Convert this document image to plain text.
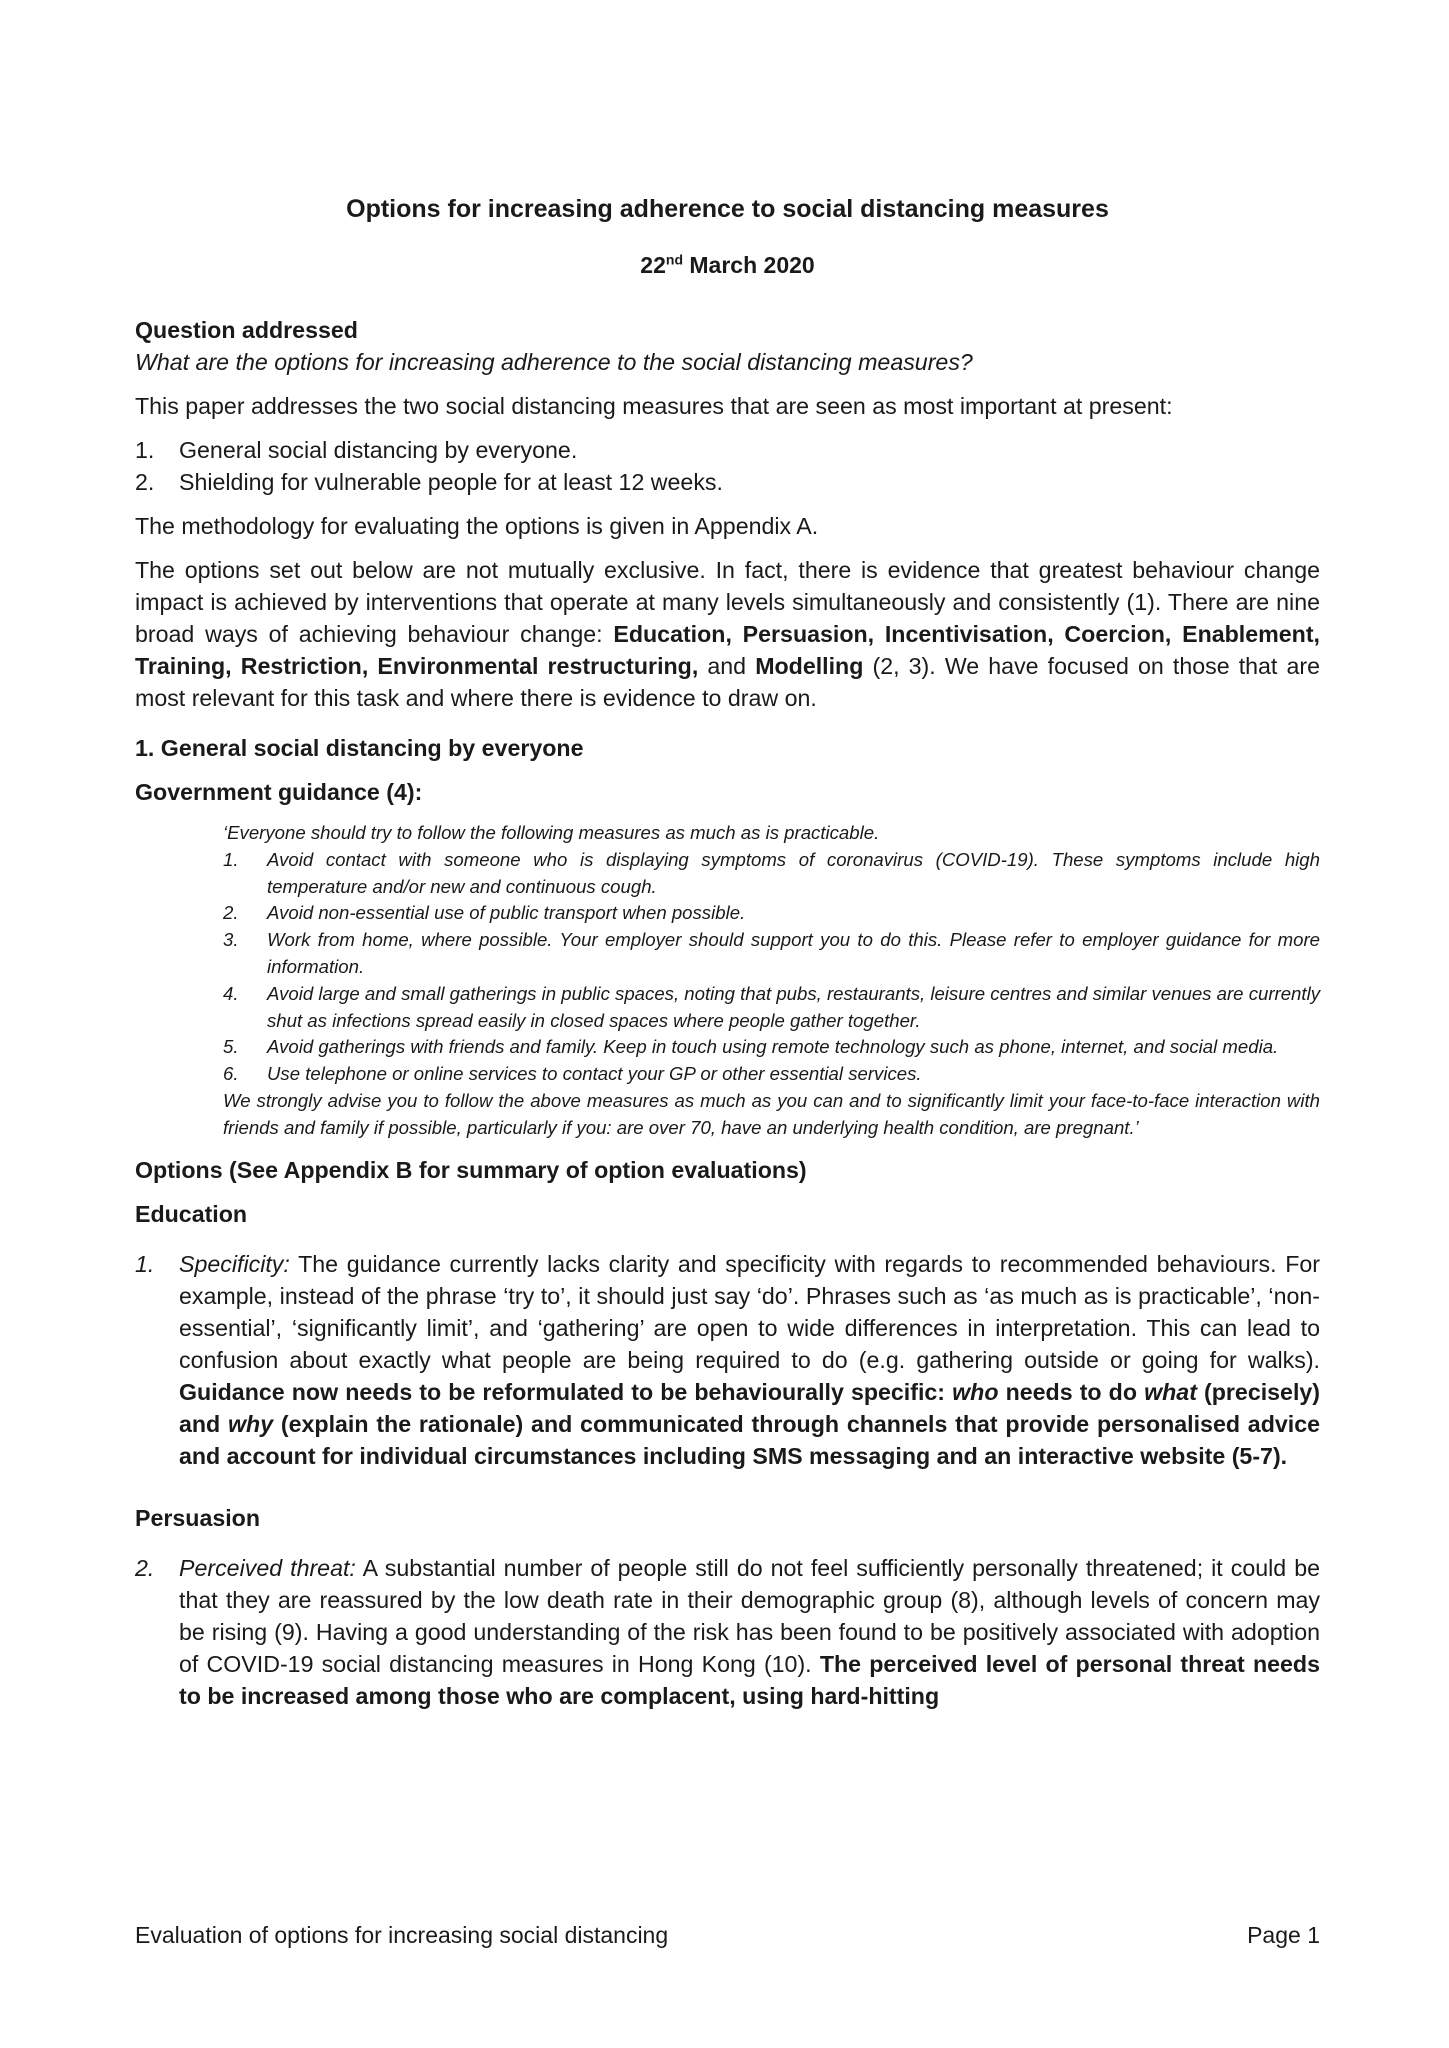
Options for increasing adherence to social distancing measures
22nd March 2020

Question addressed

What are the options for increasing adherence to the social distancing measures?

This paper addresses the two social distancing measures that are seen as most important at present:

1. General social distancing by everyone.
2. Shielding for vulnerable people for at least 12 weeks.

The methodology for evaluating the options is given in Appendix A.

The options set out below are not mutually exclusive. In fact, there is evidence that greatest behaviour change impact is achieved by interventions that operate at many levels simultaneously and consistently (1). There are nine broad ways of achieving behaviour change: Education, Persuasion, Incentivisation, Coercion, Enablement, Training, Restriction, Environmental restructuring, and Modelling (2, 3). We have focused on those that are most relevant for this task and where there is evidence to draw on.

1. General social distancing by everyone

Government guidance (4):

‘Everyone should try to follow the following measures as much as is practicable.
1. Avoid contact with someone who is displaying symptoms of coronavirus (COVID-19). These symptoms include high temperature and/or new and continuous cough.
2. Avoid non-essential use of public transport when possible.
3. Work from home, where possible. Your employer should support you to do this. Please refer to employer guidance for more information.
4. Avoid large and small gatherings in public spaces, noting that pubs, restaurants, leisure centres and similar venues are currently shut as infections spread easily in closed spaces where people gather together.
5. Avoid gatherings with friends and family. Keep in touch using remote technology such as phone, internet, and social media.
6. Use telephone or online services to contact your GP or other essential services.
We strongly advise you to follow the above measures as much as you can and to significantly limit your face-to-face interaction with friends and family if possible, particularly if you: are over 70, have an underlying health condition, are pregnant.’

Options (See Appendix B for summary of option evaluations)

Education

1. Specificity: The guidance currently lacks clarity and specificity with regards to recommended behaviours. For example, instead of the phrase ‘try to’, it should just say ‘do’. Phrases such as ‘as much as is practicable’, ‘non-essential’, ‘significantly limit’, and ‘gathering’ are open to wide differences in interpretation. This can lead to confusion about exactly what people are being required to do (e.g. gathering outside or going for walks). Guidance now needs to be reformulated to be behaviourally specific: who needs to do what (precisely) and why (explain the rationale) and communicated through channels that provide personalised advice and account for individual circumstances including SMS messaging and an interactive website (5-7).

Persuasion

2. Perceived threat: A substantial number of people still do not feel sufficiently personally threatened; it could be that they are reassured by the low death rate in their demographic group (8), although levels of concern may be rising (9). Having a good understanding of the risk has been found to be positively associated with adoption of COVID-19 social distancing measures in Hong Kong (10). The perceived level of personal threat needs to be increased among those who are complacent, using hard-hitting
Evaluation of options for increasing social distancing	Page 1
